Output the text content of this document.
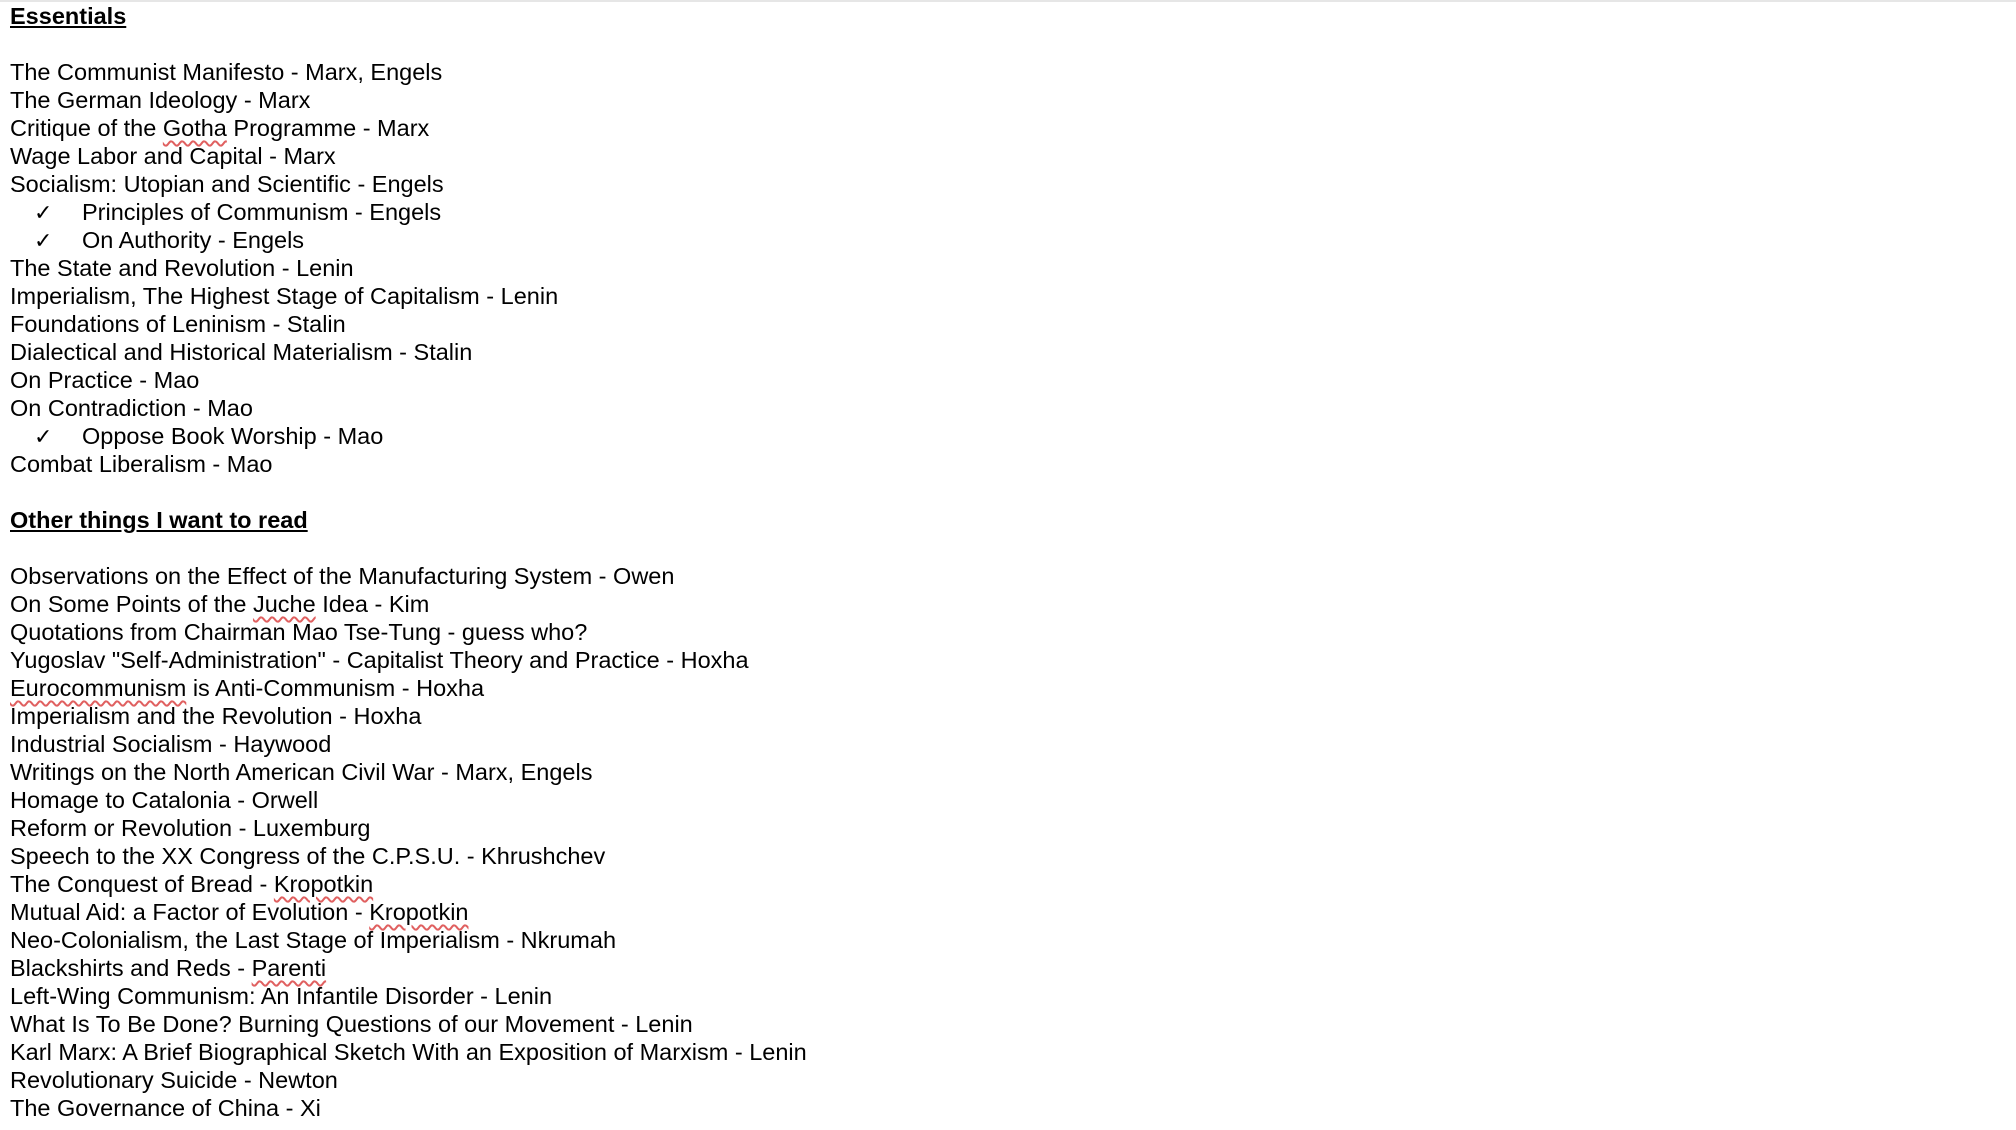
Essentials
The Communist Manifesto - Marx, Engels
The German Ideology - Marx
Critique of the Gotha Programme - Marx
Wage Labor and Capital - Marx
Socialism: Utopian and Scientific - Engels
✓ Principles of Communism - Engels
✓ On Authority - Engels
The State and Revolution - Lenin
Imperialism, The Highest Stage of Capitalism - Lenin
Foundations of Leninism - Stalin
Dialectical and Historical Materialism - Stalin
On Practice - Mao
On Contradiction - Mao
✓ Oppose Book Worship - Mao
Combat Liberalism - Mao
Other things I want to read
Observations on the Effect of the Manufacturing System - Owen
On Some Points of the Juche Idea - Kim
Quotations from Chairman Mao Tse-Tung - guess who?
Yugoslav "Self-Administration" - Capitalist Theory and Practice - Hoxha
Eurocommunism is Anti-Communism - Hoxha
Imperialism and the Revolution - Hoxha
Industrial Socialism - Haywood
Writings on the North American Civil War - Marx, Engels
Homage to Catalonia - Orwell
Reform or Revolution - Luxemburg
Speech to the XX Congress of the C.P.S.U. - Khrushchev
The Conquest of Bread - Kropotkin
Mutual Aid: a Factor of Evolution - Kropotkin
Neo-Colonialism, the Last Stage of Imperialism - Nkrumah
Blackshirts and Reds - Parenti
Left-Wing Communism: An Infantile Disorder - Lenin
What Is To Be Done? Burning Questions of our Movement - Lenin
Karl Marx: A Brief Biographical Sketch With an Exposition of Marxism - Lenin
Revolutionary Suicide - Newton
The Governance of China - Xi
